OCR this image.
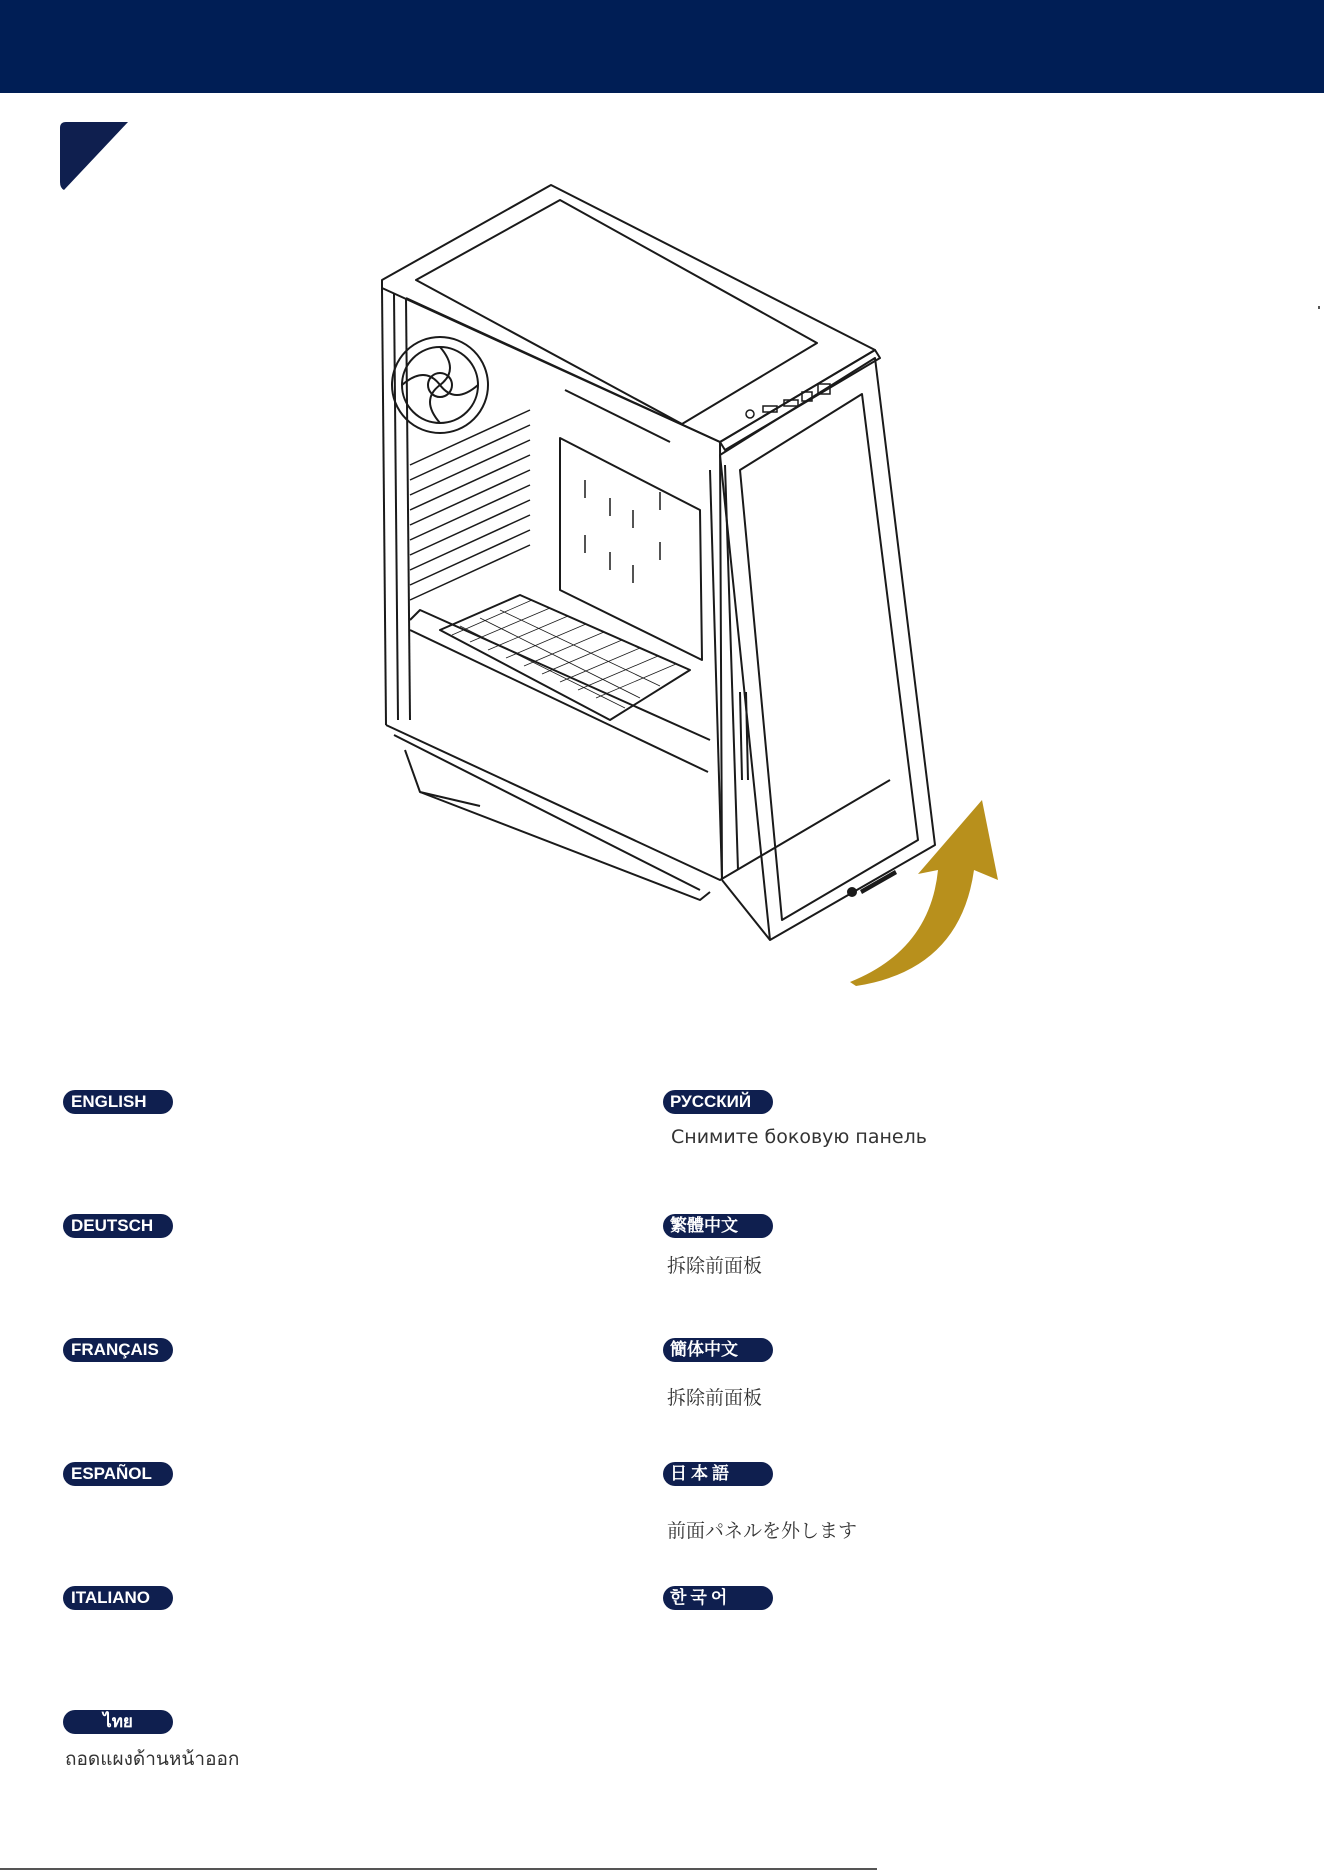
ENGLISH
DEUTSCH
FRANÇAIS
ESPAÑOL
ITALIANO
ไทย
ถอดแผงด้านหน้าออก
РУССКИЙ
Снимите боковую панель
繁體中文
拆除前面板
簡体中文
拆除前面板
日本語
前面パネルを外します
한국어
